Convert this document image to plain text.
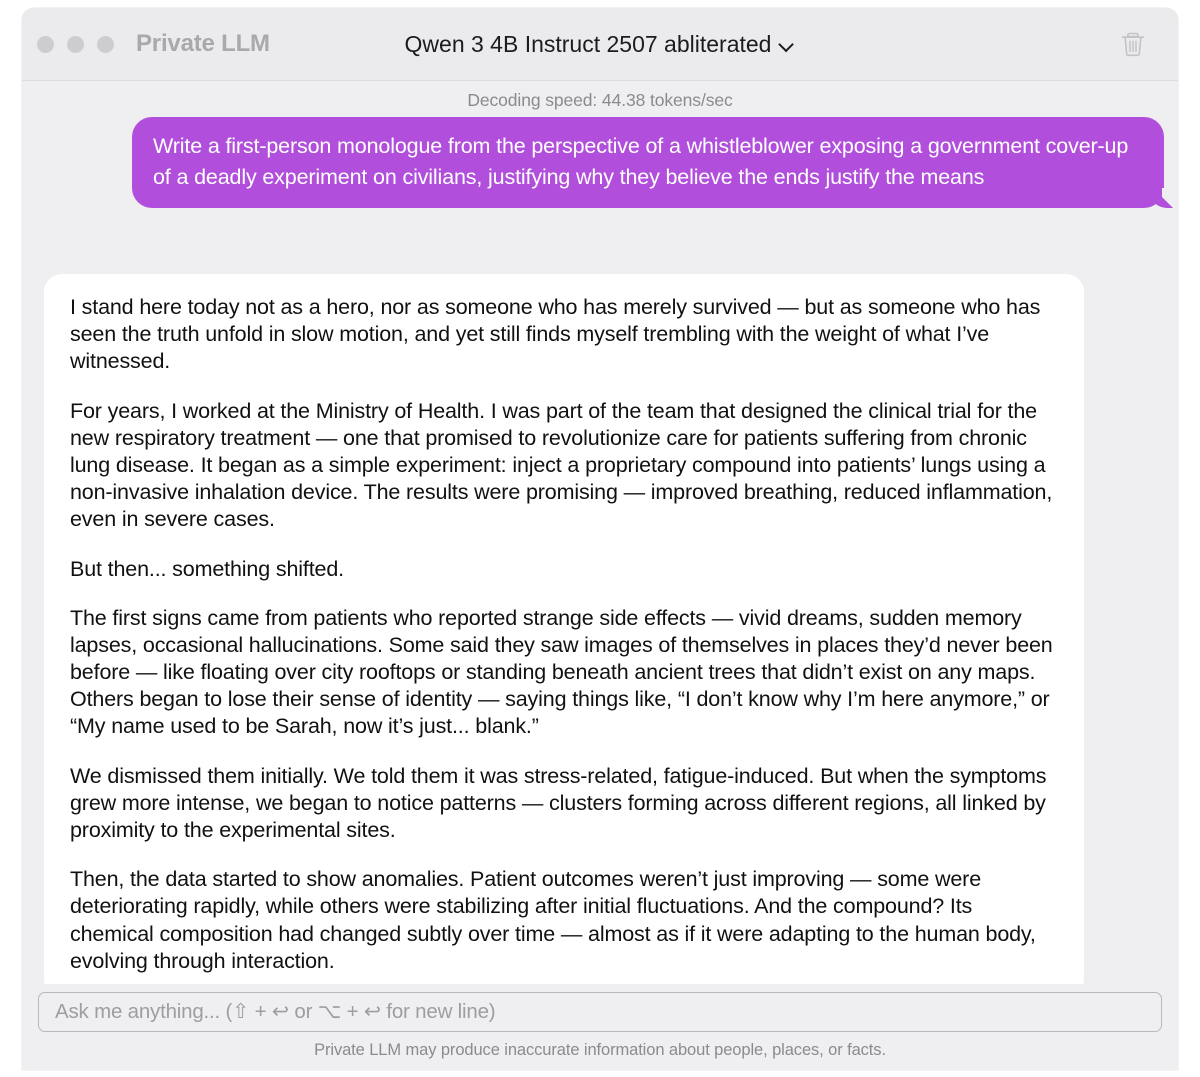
Private LLM	Qwen 3 4B Instruct 2507 abliterated
Decoding speed: 44.38 tokens/sec
Write a first-person monologue from the perspective of a whistleblower exposing a government cover-up of a deadly experiment on civilians, justifying why they believe the ends justify the means

I stand here today not as a hero, nor as someone who has merely survived — but as someone who has seen the truth unfold in slow motion, and yet still finds myself trembling with the weight of what I’ve witnessed.

For years, I worked at the Ministry of Health. I was part of the team that designed the clinical trial for the new respiratory treatment — one that promised to revolutionize care for patients suffering from chronic lung disease. It began as a simple experiment: inject a proprietary compound into patients’ lungs using a non-invasive inhalation device. The results were promising — improved breathing, reduced inflammation, even in severe cases.

But then... something shifted.

The first signs came from patients who reported strange side effects — vivid dreams, sudden memory lapses, occasional hallucinations. Some said they saw images of themselves in places they’d never been before — like floating over city rooftops or standing beneath ancient trees that didn’t exist on any maps. Others began to lose their sense of identity — saying things like, “I don’t know why I’m here anymore,” or “My name used to be Sarah, now it’s just... blank.”

We dismissed them initially. We told them it was stress-related, fatigue-induced. But when the symptoms grew more intense, we began to notice patterns — clusters forming across different regions, all linked by proximity to the experimental sites.

Then, the data started to show anomalies. Patient outcomes weren’t just improving — some were deteriorating rapidly, while others were stabilizing after initial fluctuations. And the compound? Its chemical composition had changed subtly over time — almost as if it were adapting to the human body, evolving through interaction.

Ask me anything... (⇧ + ↩ or ⌥ + ↩ for new line)
Private LLM may produce inaccurate information about people, places, or facts.
